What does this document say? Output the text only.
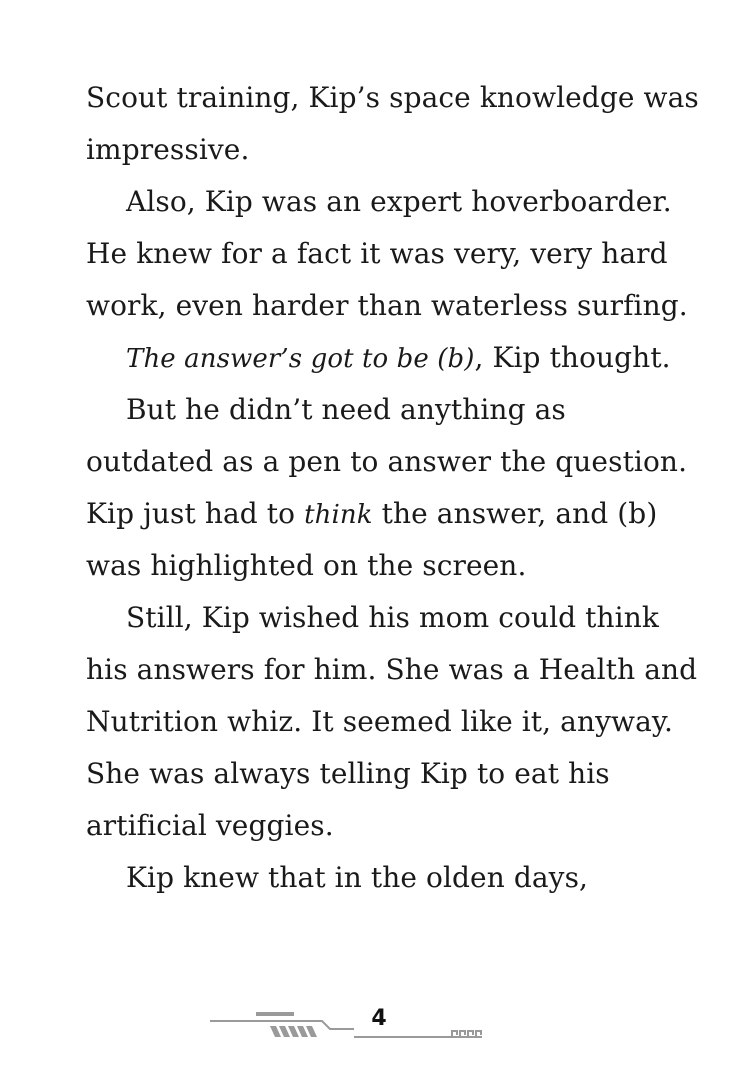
Scout training, Kip’s space knowledge was
impressive.
Also, Kip was an expert hoverboarder.
He knew for a fact it was very, very hard
work, even harder than waterless surfing.
The answer’s got to be (b), Kip thought.
But he didn’t need anything as
outdated as a pen to answer the question.
Kip just had to think the answer, and (b)
was highlighted on the screen.
Still, Kip wished his mom could think
his answers for him. She was a Health and
Nutrition whiz. It seemed like it, anyway.
She was always telling Kip to eat his
artificial veggies.
Kip knew that in the olden days,
4
